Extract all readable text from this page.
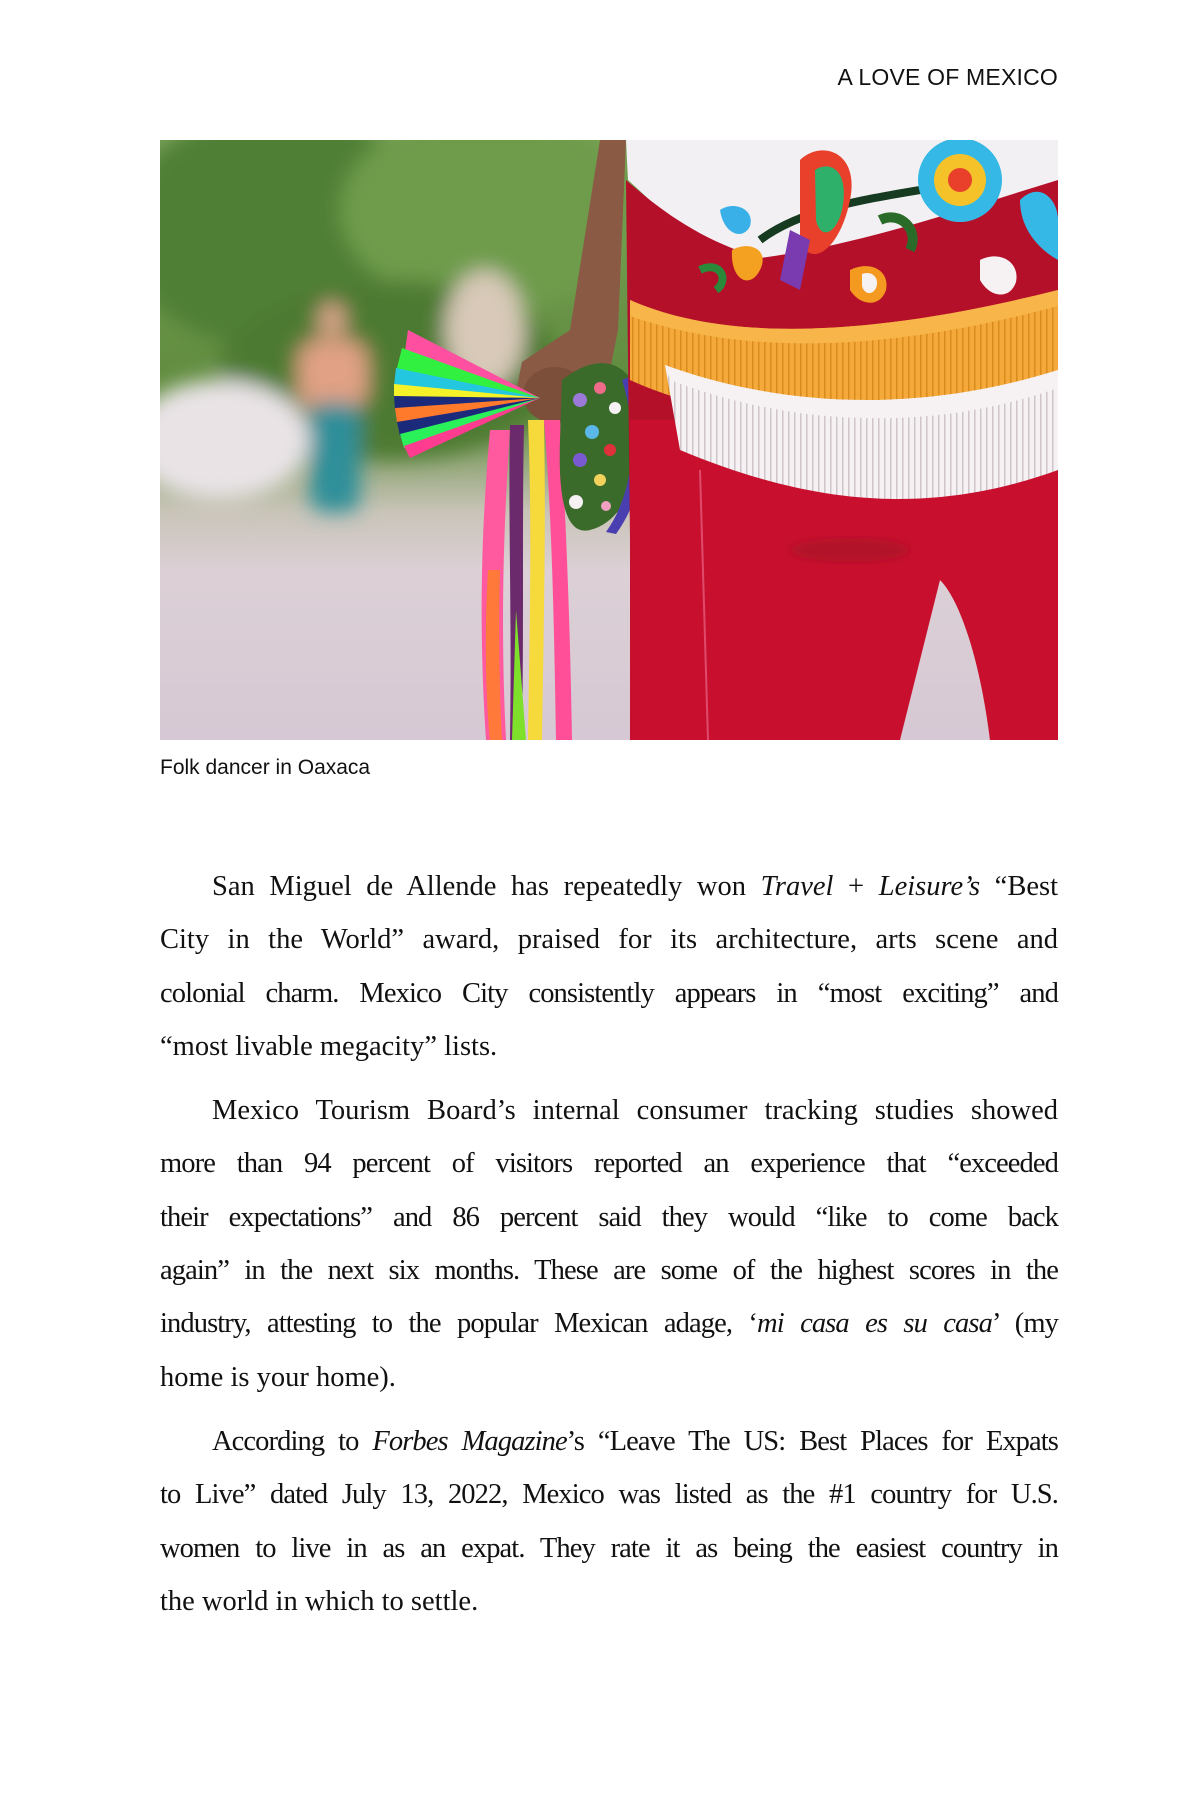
A LOVE OF MEXICO
Folk dancer in Oaxaca
San Miguel de Allende has repeatedly won Travel + Leisure’s “Best
City in the World” award, praised for its architecture, arts scene and
colonial charm. Mexico City consistently appears in “most exciting” and
“most livable megacity” lists.
Mexico Tourism Board’s internal consumer tracking studies showed
more than 94 percent of visitors reported an experience that “exceeded
their expectations” and 86 percent said they would “like to come back
again” in the next six months. These are some of the highest scores in the
industry, attesting to the popular Mexican adage, ‘mi casa es su casa’ (my
home is your home).
According to Forbes Magazine’s “Leave The US: Best Places for Expats
to Live” dated July 13, 2022, Mexico was listed as the #1 country for U.S.
women to live in as an expat. They rate it as being the easiest country in
the world in which to settle.
